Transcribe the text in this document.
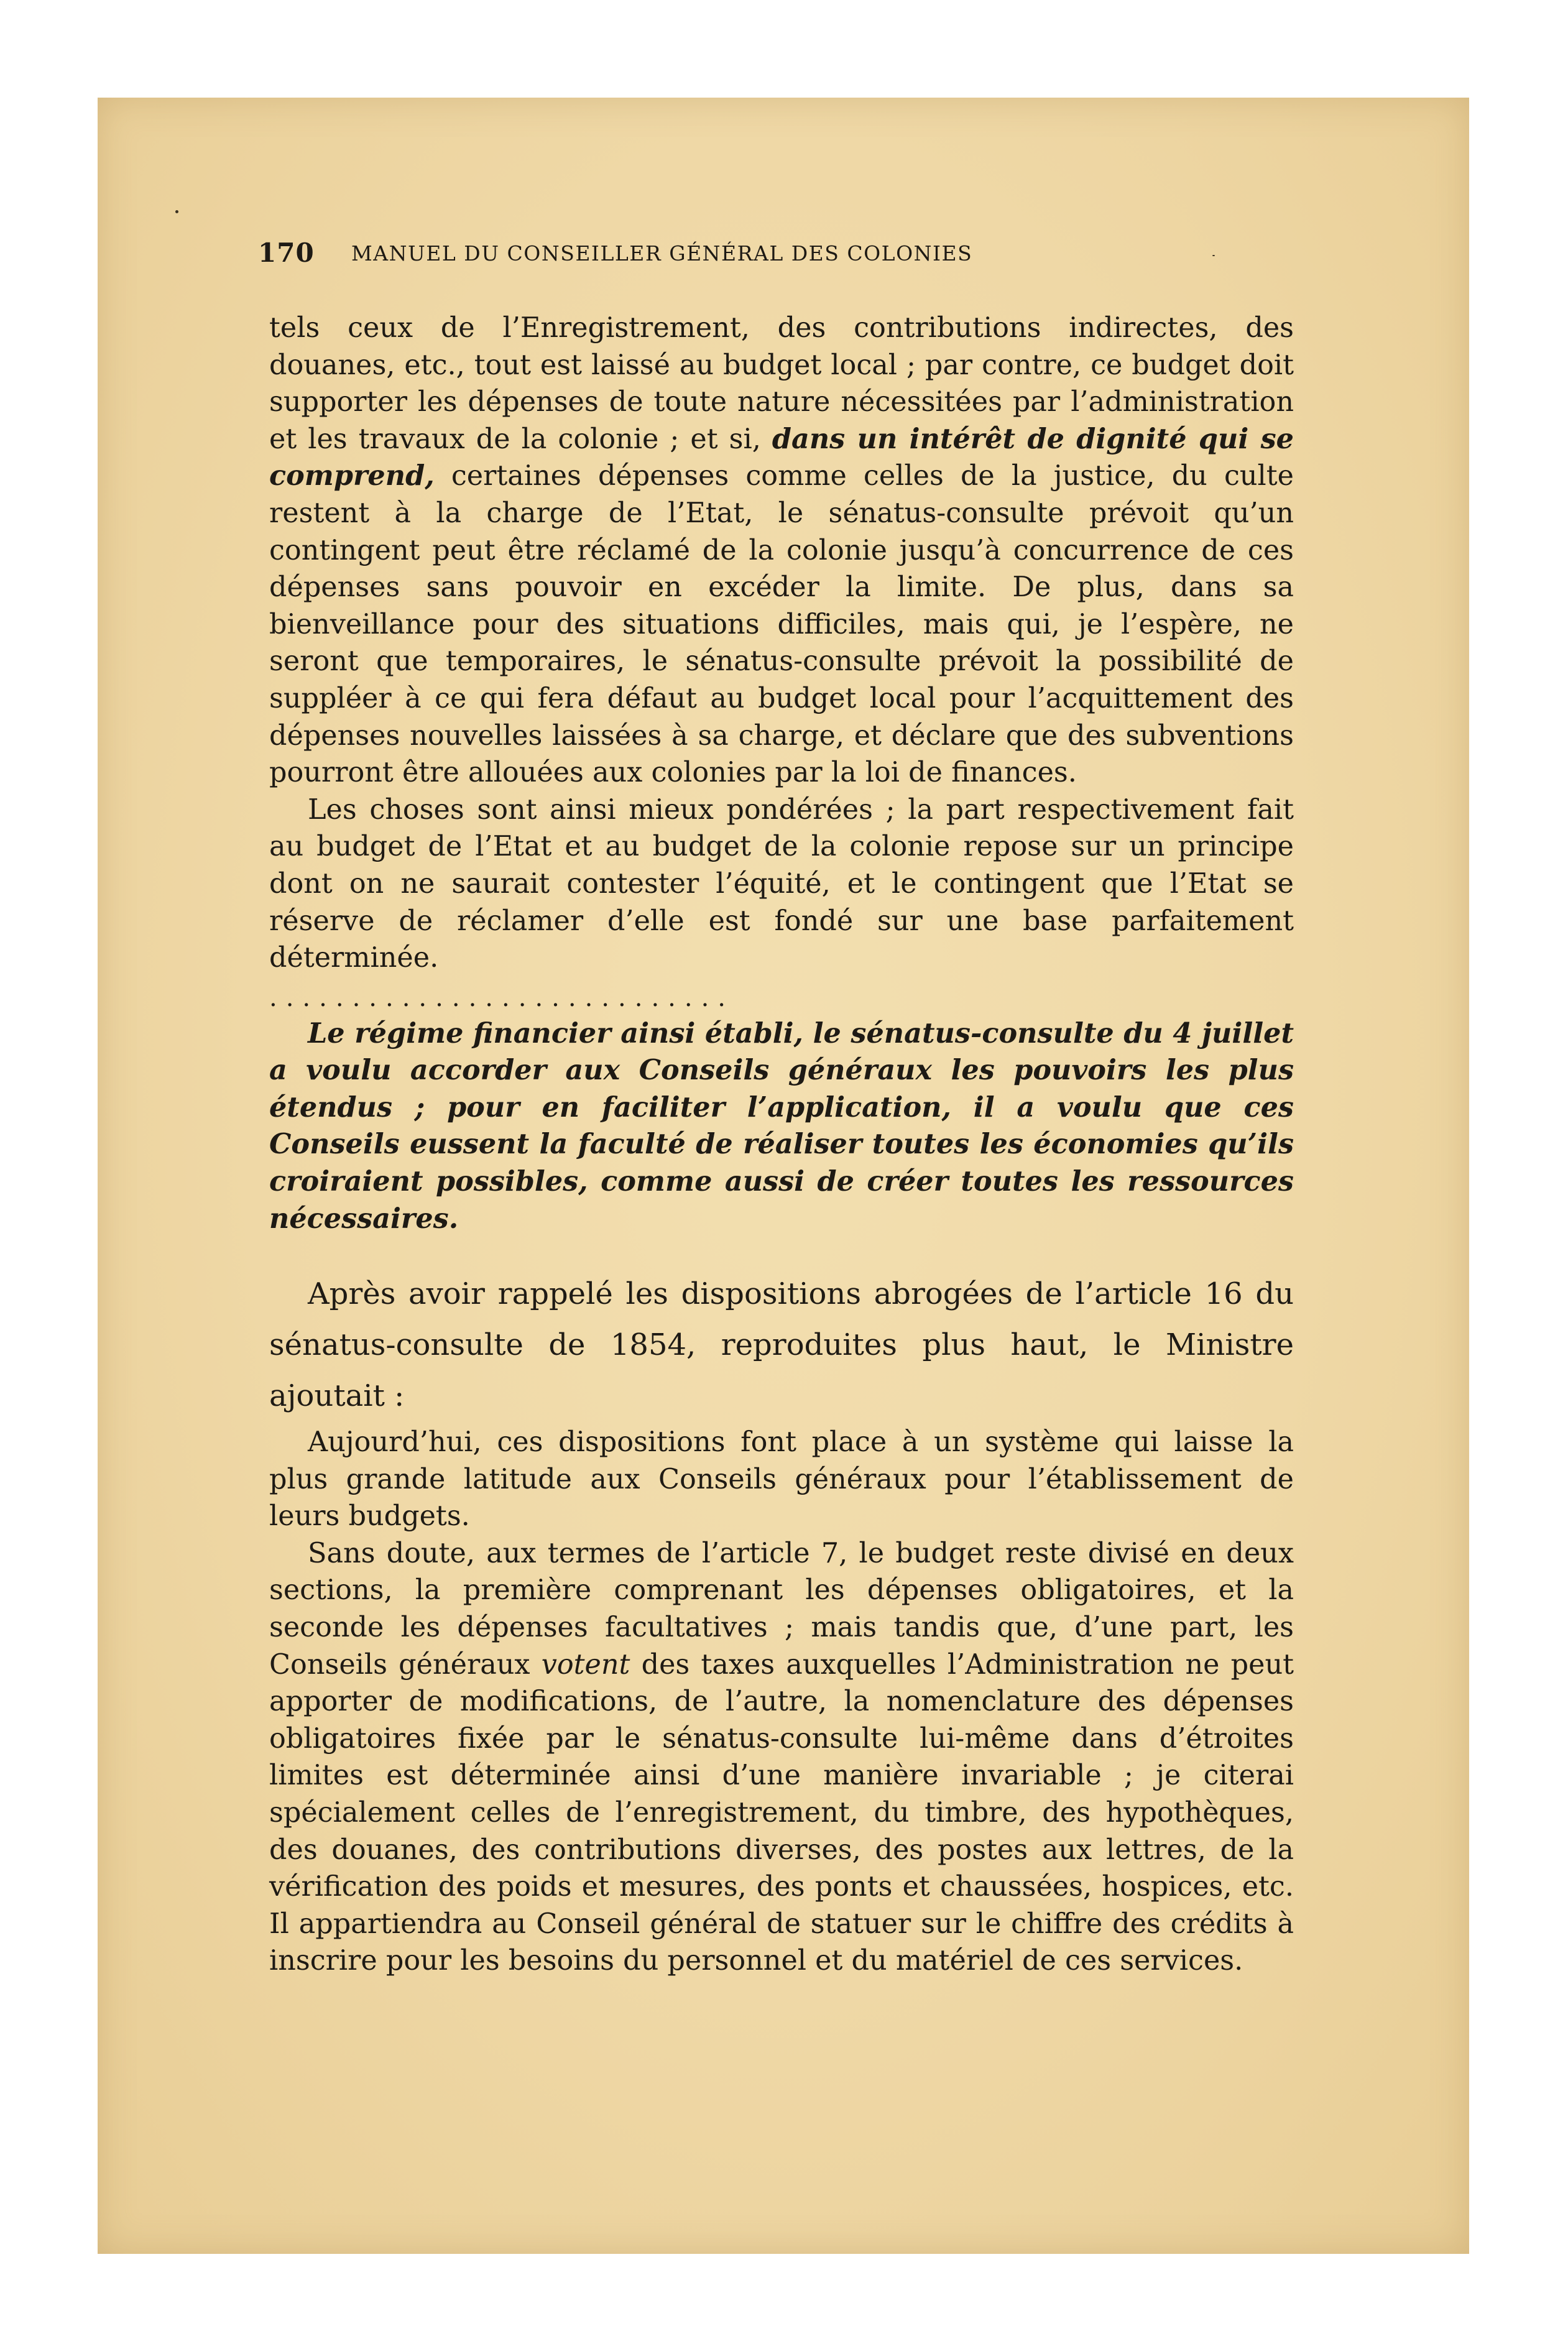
170 MANUEL DU CONSEILLER GÉNÉRAL DES COLONIES

tels ceux de l’Enregistrement, des contributions indirectes, des douanes, etc., tout est laissé au budget local ; par contre, ce budget doit supporter les dépenses de toute nature nécessitées par l’administration et les travaux de la colonie ; et si, dans un intérêt de dignité qui se comprend, certaines dépenses comme celles de la justice, du culte restent à la charge de l’Etat, le sénatus-consulte prévoit qu’un contingent peut être réclamé de la colonie jusqu’à concurrence de ces dépenses sans pouvoir en excéder la limite. De plus, dans sa bienveillance pour des situations difficiles, mais qui, je l’espère, ne seront que temporaires, le sénatus-consulte prévoit la possibilité de suppléer à ce qui fera défaut au budget local pour l’acquittement des dépenses nouvelles laissées à sa charge, et déclare que des subventions pourront être allouées aux colonies par la loi de finances.

Les choses sont ainsi mieux pondérées ; la part respectivement fait au budget de l’Etat et au budget de la colonie repose sur un principe dont on ne saurait contester l’équité, et le contingent que l’Etat se réserve de réclamer d’elle est fondé sur une base parfaitement déterminée.

............................

Le régime financier ainsi établi, le sénatus-consulte du 4 juillet a voulu accorder aux Conseils généraux les pouvoirs les plus étendus ; pour en faciliter l’application, il a voulu que ces Conseils eussent la faculté de réaliser toutes les économies qu’ils croiraient possibles, comme aussi de créer toutes les ressources nécessaires.

Après avoir rappelé les dispositions abrogées de l’article 16 du sénatus-consulte de 1854, reproduites plus haut, le Ministre ajoutait :

Aujourd’hui, ces dispositions font place à un système qui laisse la plus grande latitude aux Conseils généraux pour l’établissement de leurs budgets.

Sans doute, aux termes de l’article 7, le budget reste divisé en deux sections, la première comprenant les dépenses obligatoires, et la seconde les dépenses facultatives ; mais tandis que, d’une part, les Conseils généraux votent des taxes auxquelles l’Administration ne peut apporter de modifications, de l’autre, la nomenclature des dépenses obligatoires fixée par le sénatus-consulte lui-même dans d’étroites limites est déterminée ainsi d’une manière invariable ; je citerai spécialement celles de l’enregistrement, du timbre, des hypothèques, des douanes, des contributions diverses, des postes aux lettres, de la vérification des poids et mesures, des ponts et chaussées, hospices, etc. Il appartiendra au Conseil général de statuer sur le chiffre des crédits à inscrire pour les besoins du personnel et du matériel de ces services.
